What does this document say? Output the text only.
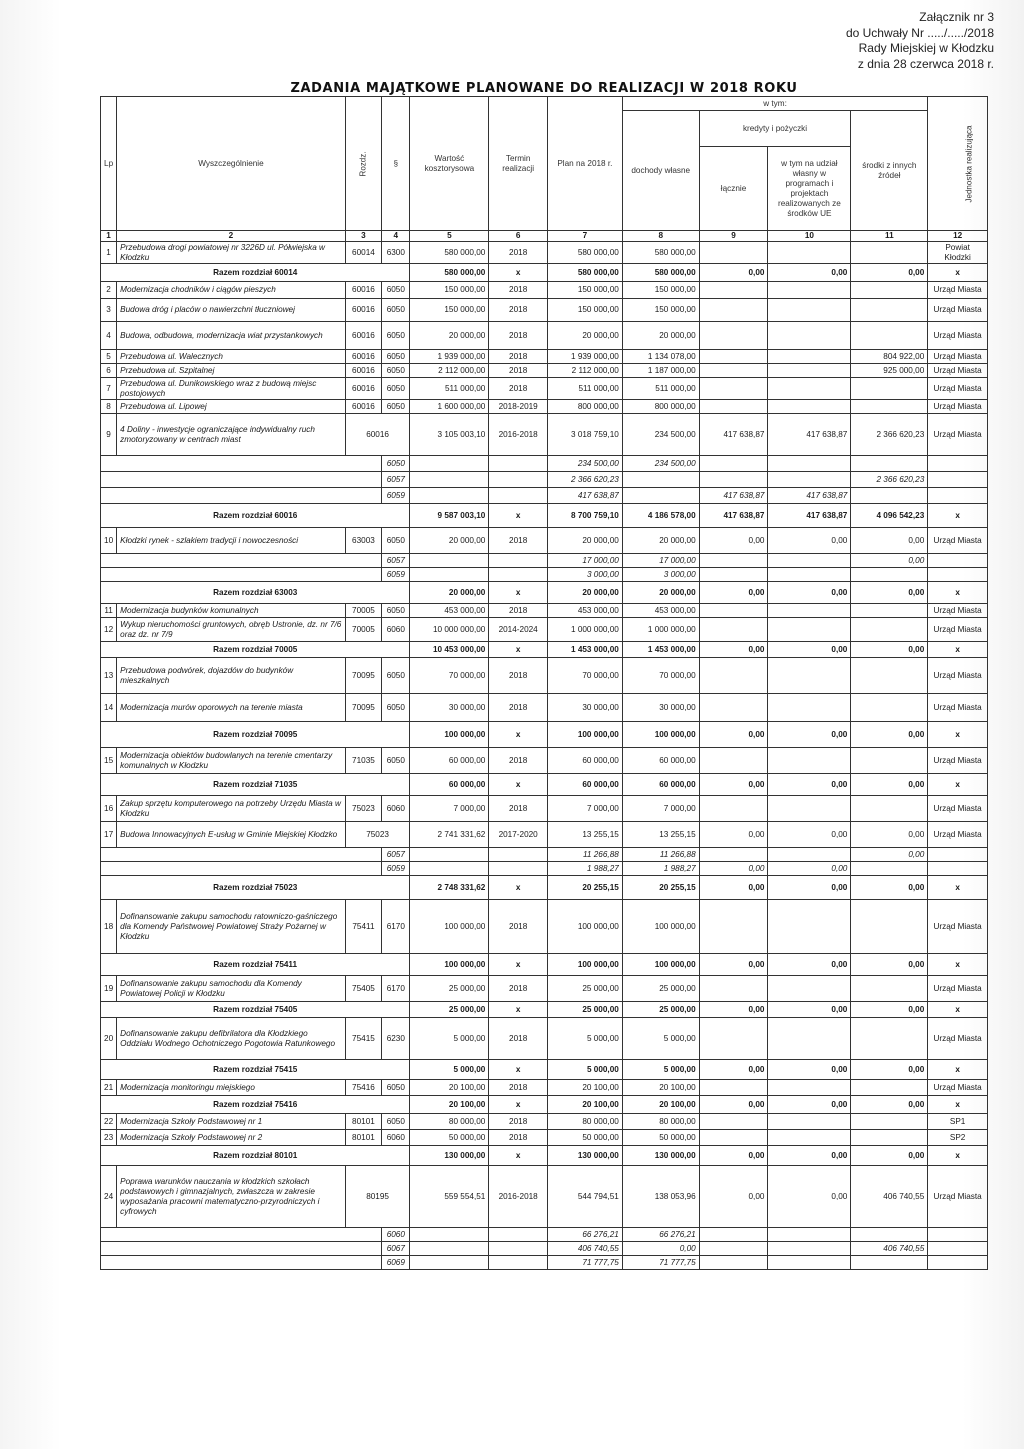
Załącznik nr 3
do Uchwały Nr ...../...../2018
Rady Miejskiej w Kłodzku
z dnia 28 czerwca 2018 r.
ZADANIA MAJĄTKOWE PLANOWANE DO REALIZACJI W 2018 ROKU
Lp	Wyszczególnienie	Rozdz.	§	Wartość kosztorysowa	Termin realizacji	Plan na 2018 r.	w tym:				Jednostka realizująca
							dochody własne	kredyty i pożyczki		środki z innych źródeł	
								łącznie	w tym na udział własny w programach i projektach realizowanych ze środków UE		
1	2	3	4	5	6	7	8	9	10	11	12
1	Przebudowa drogi powiatowej nr 3226D ul. Półwiejska w Kłodzku	60014	6300	580 000,00	2018	580 000,00	580 000,00				Powiat Kłodzki
Razem rozdział 60014				580 000,00	x	580 000,00	580 000,00	0,00	0,00	0,00	x
2	Modernizacja chodników i ciągów pieszych	60016	6050	150 000,00	2018	150 000,00	150 000,00				Urząd Miasta
3	Budowa dróg i placów o nawierzchni tłuczniowej	60016	6050	150 000,00	2018	150 000,00	150 000,00				Urząd Miasta
4	Budowa, odbudowa, modernizacja wiat przystankowych	60016	6050	20 000,00	2018	20 000,00	20 000,00				Urząd Miasta
5	Przebudowa ul. Walecznych	60016	6050	1 939 000,00	2018	1 939 000,00	1 134 078,00			804 922,00	Urząd Miasta
6	Przebudowa ul. Szpitalnej	60016	6050	2 112 000,00	2018	2 112 000,00	1 187 000,00			925 000,00	Urząd Miasta
7	Przebudowa ul. Dunikowskiego wraz z budową miejsc postojowych	60016	6050	511 000,00	2018	511 000,00	511 000,00				Urząd Miasta
8	Przebudowa ul. Lipowej	60016	6050	1 600 000,00	2018-2019	800 000,00	800 000,00				Urząd Miasta
9	4 Doliny - inwestycje ograniczające indywidualny ruch zmotoryzowany w centrach miast	60016		3 105 003,10	2016-2018	3 018 759,10	234 500,00	417 638,87	417 638,87	2 366 620,23	Urząd Miasta
			6050			234 500,00	234 500,00				
			6057			2 366 620,23				2 366 620,23	
			6059			417 638,87		417 638,87	417 638,87		
Razem rozdział 60016				9 587 003,10	x	8 700 759,10	4 186 578,00	417 638,87	417 638,87	4 096 542,23	x
10	Kłodzki rynek - szlakiem tradycji i nowoczesności	63003	6050	20 000,00	2018	20 000,00	20 000,00	0,00	0,00	0,00	Urząd Miasta
			6057			17 000,00	17 000,00			0,00	
			6059			3 000,00	3 000,00				
Razem rozdział 63003				20 000,00	x	20 000,00	20 000,00	0,00	0,00	0,00	x
11	Modernizacja budynków komunalnych	70005	6050	453 000,00	2018	453 000,00	453 000,00				Urząd Miasta
12	Wykup nieruchomości gruntowych, obręb Ustronie, dz. nr 7/6 oraz dz. nr 7/9	70005	6060	10 000 000,00	2014-2024	1 000 000,00	1 000 000,00				Urząd Miasta
Razem rozdział 70005				10 453 000,00	x	1 453 000,00	1 453 000,00	0,00	0,00	0,00	x
13	Przebudowa podwórek, dojazdów do budynków mieszkalnych	70095	6050	70 000,00	2018	70 000,00	70 000,00				Urząd Miasta
14	Modernizacja murów oporowych na terenie miasta	70095	6050	30 000,00	2018	30 000,00	30 000,00				Urząd Miasta
Razem rozdział 70095				100 000,00	x	100 000,00	100 000,00	0,00	0,00	0,00	x
15	Modernizacja obiektów budowlanych na terenie cmentarzy komunalnych w Kłodzku	71035	6050	60 000,00	2018	60 000,00	60 000,00				Urząd Miasta
Razem rozdział 71035				60 000,00	x	60 000,00	60 000,00	0,00	0,00	0,00	x
16	Zakup sprzętu komputerowego na potrzeby Urzędu Miasta w Kłodzku	75023	6060	7 000,00	2018	7 000,00	7 000,00				Urząd Miasta
17	Budowa Innowacyjnych E-usług w Gminie Miejskiej Kłodzko	75023		2 741 331,62	2017-2020	13 255,15	13 255,15	0,00	0,00	0,00	Urząd Miasta
			6057			11 266,88	11 266,88			0,00	
			6059			1 988,27	1 988,27	0,00	0,00		
Razem rozdział 75023				2 748 331,62	x	20 255,15	20 255,15	0,00	0,00	0,00	x
18	Dofinansowanie zakupu samochodu ratowniczo-gaśniczego dla Komendy Państwowej Powiatowej Straży Pożarnej w Kłodzku	75411	6170	100 000,00	2018	100 000,00	100 000,00				Urząd Miasta
Razem rozdział 75411				100 000,00	x	100 000,00	100 000,00	0,00	0,00	0,00	x
19	Dofinansowanie zakupu samochodu dla Komendy Powiatowej Policji w Kłodzku	75405	6170	25 000,00	2018	25 000,00	25 000,00				Urząd Miasta
Razem rozdział 75405				25 000,00	x	25 000,00	25 000,00	0,00	0,00	0,00	x
20	Dofinansowanie zakupu defibrilatora dla Kłodzkiego Oddziału Wodnego Ochotniczego Pogotowia Ratunkowego	75415	6230	5 000,00	2018	5 000,00	5 000,00				Urząd Miasta
Razem rozdział 75415				5 000,00	x	5 000,00	5 000,00	0,00	0,00	0,00	x
21	Modernizacja monitoringu miejskiego	75416	6050	20 100,00	2018	20 100,00	20 100,00				Urząd Miasta
Razem rozdział 75416				20 100,00	x	20 100,00	20 100,00	0,00	0,00	0,00	x
22	Modernizacja Szkoły Podstawowej nr 1	80101	6050	80 000,00	2018	80 000,00	80 000,00				SP1
23	Modernizacja Szkoły Podstawowej nr 2	80101	6060	50 000,00	2018	50 000,00	50 000,00				SP2
Razem rozdział 80101				130 000,00	x	130 000,00	130 000,00	0,00	0,00	0,00	x
24	Poprawa warunków nauczania w kłodzkich szkołach podstawowych i gimnazjalnych, zwłaszcza w zakresie wyposażania pracowni matematyczno-przyrodniczych i cyfrowych	80195		559 554,51	2016-2018	544 794,51	138 053,96	0,00	0,00	406 740,55	Urząd Miasta
			6060			66 276,21	66 276,21				
			6067			406 740,55	0,00			406 740,55	
			6069			71 777,75	71 777,75				
